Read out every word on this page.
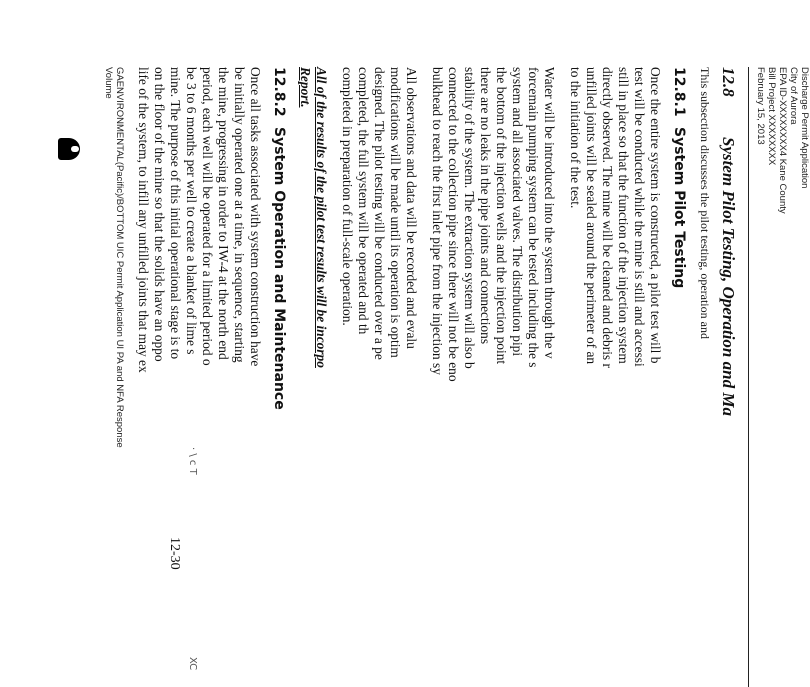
Discharge Permit Application
City of Aurora
EPA ID-XXXXXXXX4 Kane County
Bill Project XXXXXXXX
February 15, 2013
12.8System Pilot Testing, Operation and Ma
This subsection discusses the pilot testing, operation and
12.8.1System Pilot Testing
Once the entire system is constructed, a pilot test will b
test will be conducted while the mine is still and accessi
still in place so that the function of the injection system
directly observed. The mine will be cleaned and debris r
unfilled joints will be sealed around the perimeter of an
to the initiation of the test.
Water will be introduced into the system through the v
forcemain pumping system can be tested including the s
system and all associated valves. The distribution pipi
the bottom of the injection wells and the injection point
there are no leaks in the pipe joints and connections
stability of the system. The extraction system will also b
connected to the collection pipe since there will not be eno
bulkhead to reach the first inlet pipe from the injection sy
All observations and data will be recorded and evalu
modifications will be made until its operation is optim
designed. The pilot testing will be conducted over a pe
completed, the full system will be operated and th
completed in preparation of full-scale operation.
All of the results of the pilot test results will be incorpo
Report.
12.8.2System Operation and Maintenance
Once all tasks associated with system construction have
be initially operated one at a time, in sequence, starting
the mine, progressing in order to IW-4 at the north end
period, each well will be operated for a limited period o
be 3 to 6 months per well to create a blanket of lime s
mine. The purpose of this initial operational stage is to
on the floor of the mine so that the solids have an oppo
life of the system, to infill any unfilled joints that may ex
GAENVIRONMENTAL(Pacific)/BOTTOM UIC Permit Application UI PA and NFA Response
Volume
12-30
· \ c T
XC
